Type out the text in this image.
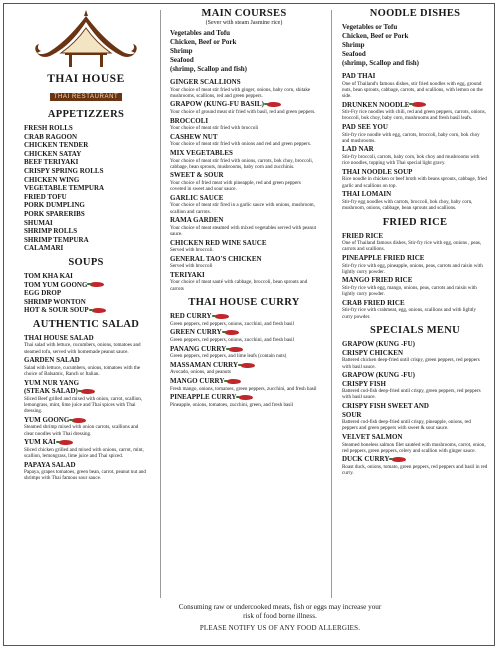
THAI HOUSE
THAI RESTAURANT
APPETIZZERS
FRESH ROLLS
CRAB RAGOON
CHICKEN TENDER
CHICKEN SATAY
BEEF TERIYAKI
CRISPY SPRING ROLLS
CHICKEN WING
VEGETABLE TEMPURA
FRIED TOFU
PORK DUMPLING
PORK SPARERIBS
SHUMAI
SHRIMP ROLLS
SHRIMP TEMPURA
CALAMARI
SOUPS
TOM KHA KAI
TOM YUM GOONG
EGG DROP
SHRIMP WONTON
HOT & SOUR SOUP
AUTHENTIC SALAD
THAI HOUSE SALAD
Thai salad with lettuce, cucumbers, onions, tomatoes and steamed tofu, served with homemade peanut sauce.
GARDEN SALAD
Salad with lettuce, cucumbers, onions, tomatoes with the choice of Balsamic, Ranch or Italian.
YUM NUR YANG
(STEAK SALAD)
Sliced Beef grilled and mixed with onion, carrot, scallion, lemongrass, mint, lime juice and Thai spices with Thai dressing.
YUM GOONG
Steamed shrimp mixed with onion carrots, scallions and clear noodles with Thai dressing.
YUM KAI
Sliced chicken grilled and mixed with onions, carrot, mint, scallion, lemongrass, lime juice and Thai spiced.
PAPAYA SALAD
Papaya, grapes tomatoes, green bean, carrot, peanut nut and shrimps with Thai famous sour sauce.
MAIN COURSES
(Sever with steam Jasmine rice)
Vegetables and Tofu
Chicken, Beef or Pork
Shrimp
Seafood
(shrimp, Scallop and fish)
GINGER SCALLIONS
Your choice of meat stir fried with ginger, onions, baby corn, shitake mushrooms, scallions, red and green peppers.
GRAPOW (KUNG-FU BASIL)
Your choice of ground meat stir fried with basil, red and green peppers.
BROCCOLI
Your choice of meat stir fried with broccoli
CASHEW NUT
Your choice of meat stir fried with onions and red and green peppers.
MIX VEGETABLES
Your choice of meat stir fried with onions, carrots, bok choy, broccoli, cabbage, bean sprouts, mushrooms, baby corn and zucchinis.
SWEET & SOUR
Your choice of fried meat with pineapple, red and green peppers covered in sweet and sour sauce.
GARLIC SAUCE
Your choice of meat stir fired in a garlic sauce with onions, mushroom, scallion and carrots.
RAMA GARDEN
Your choice of meat steamed with mixed vegetables served with peanut sauce.
CHICKEN RED WINE SAUCE
Served with broccoli.
GENERAL TAO'S CHICKEN
Served with broccoli
TERIYAKI
Your choice of meat sauté with cabbage, broccoli, bean sprouts and carrots
THAI HOUSE CURRY
RED CURRY
Green peppers, red peppers, onions, zucchini, and fresh basil
GREEN CURRY
Green peppers, red peppers, onions, zucchini, and fresh basil
PANANG CURRY
Green peppers, red peppers, and lime leafs (contain nuts)
MASSAMAN CURRY
Avocado, onions, and peanuts
MANGO CURRY
Fresh mango, onions, tomatoes, green peppers, zucchini, and fresh basil
PINEAPPLE CURRY
Pineapple, onions, tomatoes, zucchini, green, and fresh basil
NOODLE DISHES
Vegetables or Tofu
Chicken, Beef or Pork
Shrimp
Seafood
(shrimp, Scallop and fish)
PAD THAI
One of Thailand's famous dishes, stir fried noodles with egg, ground nuts, bean sprouts, cabbage, carrots, and scallions, with lemon on the side.
DRUNKEN NOODLE
Stir-Fry rice noodles with chili, red and green peppers, carrots, onions, broccoli, bok choy, baby corn, mushrooms and fresh basil leafs.
PAD SEE YOU
Stir-fry rice noodle with egg, carrots, broccoli, baby corn, bok choy and mushrooms.
LAD NAR
Stir-fry broccoli, carrots, baby corn, bok choy and mushrooms with rice noodles, topping with Thai special light gravy.
THAI NOODLE SOUP
Rice noodle in chicken or beef broth with beans sprouts, cabbage, fried garlic and scallions on top.
THAI LOMAIN
Stir-fry egg noodles with carrots, broccoli, bok choy, baby corn, mushroom, onions, cabbage, bean sprouts and scallions.
FRIED RICE
FRIED RICE
One of Thailand famous dishes, Stir-fry rice with egg, onions , peas, carrots and scallions.
PINEAPPLE FRIED RICE
Stir-fry rice with egg, pineapple, onions, peas, carrots and raisin with lightly curry powder.
MANGO FRIED RICE
Stir-fry rice with egg, mango, onions, peas, carrots and raisin with lightly curry powder.
CRAB FRIED RICE
Stir-fry rice with crabmeat, egg, onions, scallions and with lightly curry powder.
SPECIALS MENU
GRAPOW (KUNG -FU)
CRISPY CHICKEN
Battered chicken deep-fried until crispy, green peppers, red peppers with basil sauce.
GRAPOW (KUNG -FU)
CRISPY FISH
Battered cod-fish deep-fried until crispy, green peppers, red peppers with basil sauce.
CRISPY FISH SWEET AND
SOUR
Battered cod-fish deep-fried until crispy, pineapple, onions, red peppers and green peppers with sweet & sour sauce.
VELVET SALMON
Steamed boneless salmon filet sautéed with mushrooms, carrot, onion, red peppers, green peppers, celery and scallion with ginger sauce.
DUCK CURRY
Roast duck, onions, tomato, green peppers, red peppers and basil in red curry.
Consuming raw or undercooked meats, fish or eggs may increase your
risk of food borne illness.
PLEASE NOTIFY US OF ANY FOOD ALLERGIES.
